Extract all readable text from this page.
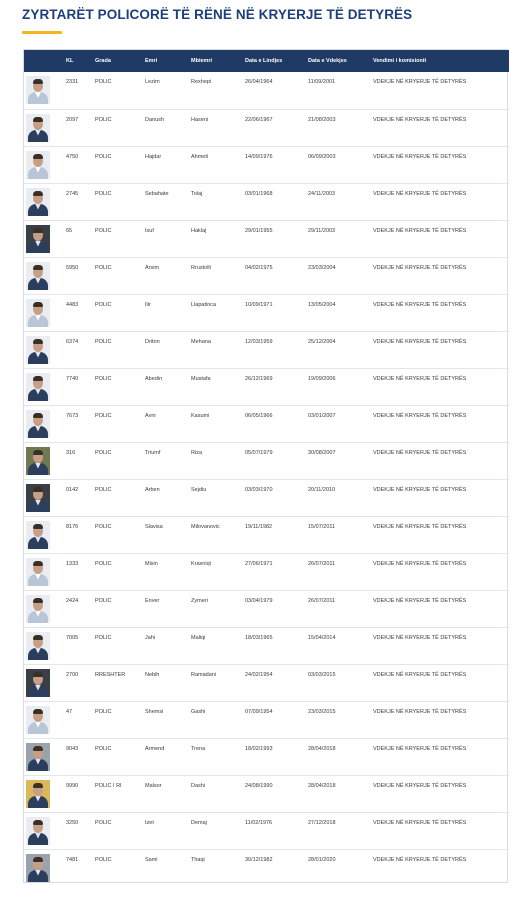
ZYRTARËT POLICORË TË RËNË NË KRYERJE TË DETYRËS
	KL	Grada	Emri	Mbiemri	Data e Lindjes	Data e Vdekjes	Vendimi i komisionit

	2331	POLIC	Lezim	Rexhepi	26/04/1964	11/09/2001	VDEKJE NË KRYERJE TË DETYRËS

	2097	POLIC	Danush	Haseni	22/06/1967	21/08/2003	VDEKJE NË KRYERJE TË DETYRËS

	4750	POLIC	Hajdar	Ahmeti	14/09/1976	06/09/2003	VDEKJE NË KRYERJE TË DETYRËS

	2745	POLIC	Sebahate	Tolaj	03/01/1968	24/11/2003	VDEKJE NË KRYERJE TË DETYRËS

	65	POLIC	Isuf	Haklaj	29/01/1955	29/11/2003	VDEKJE NË KRYERJE TË DETYRËS

	5950	POLIC	Arsim	Rrustolli	04/02/1975	23/03/2004	VDEKJE NË KRYERJE TË DETYRËS

	4483	POLIC	Ilir	Llapatinca	10/09/1971	13/05/2004	VDEKJE NË KRYERJE TË DETYRËS

	6374	POLIC	Driton	Mehana	12/03/1959	25/12/2004	VDEKJE NË KRYERJE TË DETYRËS

	7740	POLIC	Abedin	Mustafa	26/12/1969	19/09/2006	VDEKJE NË KRYERJE TË DETYRËS

	7673	POLIC	Avni	Kasumi	06/05/1966	03/01/2007	VDEKJE NË KRYERJE TË DETYRËS

	316	POLIC	Triumf	Riza	05/07/1979	30/08/2007	VDEKJE NË KRYERJE TË DETYRËS

	0142	POLIC	Arben	Sejdiu	03/03/1970	20/11/2010	VDEKJE NË KRYERJE TË DETYRËS

	8176	POLIC	Slavisa	Milovanovic	19/11/1982	15/07/2011	VDEKJE NË KRYERJE TË DETYRËS

	1333	POLIC	Misin	Krasniqi	27/06/1971	26/07/2011	VDEKJE NË KRYERJE TË DETYRËS

	2424	POLIC	Enver	Zymeri	03/04/1979	26/07/2011	VDEKJE NË KRYERJE TË DETYRËS

	7005	POLIC	Jahi	Maliqi	18/03/1965	15/04/2014	VDEKJE NË KRYERJE TË DETYRËS

	2700	RRESHTER	Nebih	Ramadani	24/02/1954	03/03/2015	VDEKJE NË KRYERJE TË DETYRËS

	47	POLIC	Shemsi	Gashi	07/09/1954	23/03/2015	VDEKJE NË KRYERJE TË DETYRËS

	9043	POLIC	Armend	Trena	18/02/1993	28/04/2018	VDEKJE NË KRYERJE TË DETYRËS

	9990	POLIC I RI	Malsor	Dashi	24/08/1990	28/04/2018	VDEKJE NË KRYERJE TË DETYRËS

	3250	POLIC	Izet	Demaj	11/02/1976	27/12/2018	VDEKJE NË KRYERJE TË DETYRËS

	7481	POLIC	Sami	Thaqi	30/12/1982	28/01/2020	VDEKJE NË KRYERJE TË DETYRËS
